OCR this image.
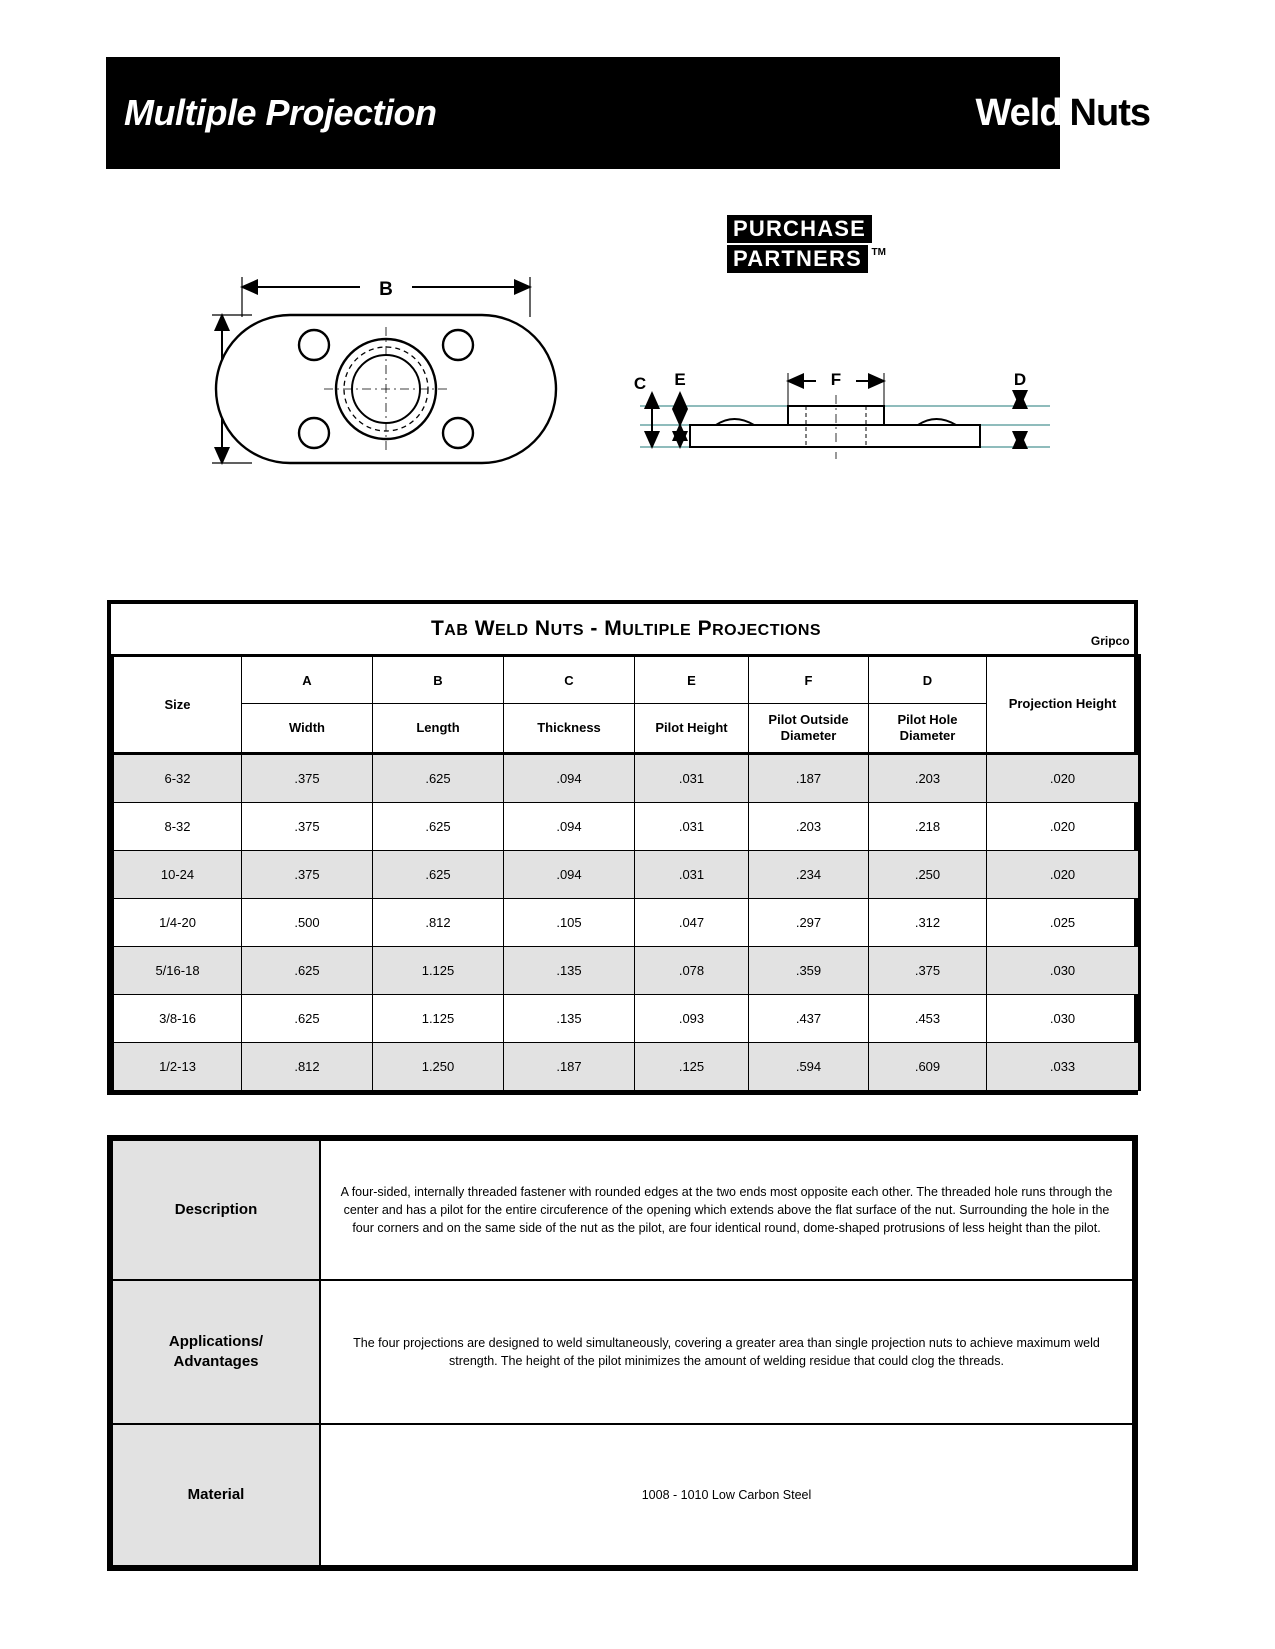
Multiple Projection	Weld Nuts
PURCHASE PARTNERS TM
B
F
C E	D
TAB WELD NUTS - MULTIPLE PROJECTIONS
Gripco							

Size	A	B	C	E	F	D	Projection Height
	Width	Length	Thickness	Pilot Height	Pilot Outside Diameter	Pilot Hole Diameter	
6-32	.375	.625	.094	.031	.187	.203	.020
8-32	.375	.625	.094	.031	.203	.218	.020
10-24	.375	.625	.094	.031	.234	.250	.020
1/4-20	.500	.812	.105	.047	.297	.312	.025
5/16-18	.625	1.125	.135	.078	.359	.375	.030
3/8-16	.625	1.125	.135	.093	.437	.453	.030
1/2-13	.812	1.250	.187	.125	.594	.609	.033
Description	A four-sided, internally threaded fastener with rounded edges at the two ends most opposite each other. The threaded hole runs through the center and has a pilot for the entire circuference of the opening which extends above the flat surface of the nut. Surrounding the hole in the four corners and on the same side of the nut as the pilot, are four identical round, dome-shaped protrusions of less height than the pilot.
Applications/
Advantages	The four projections are designed to weld simultaneously, covering a greater area than single projection nuts to achieve maximum weld strength. The height of the pilot minimizes the amount of welding residue that could clog the threads.
Material	1008 - 1010 Low Carbon Steel
